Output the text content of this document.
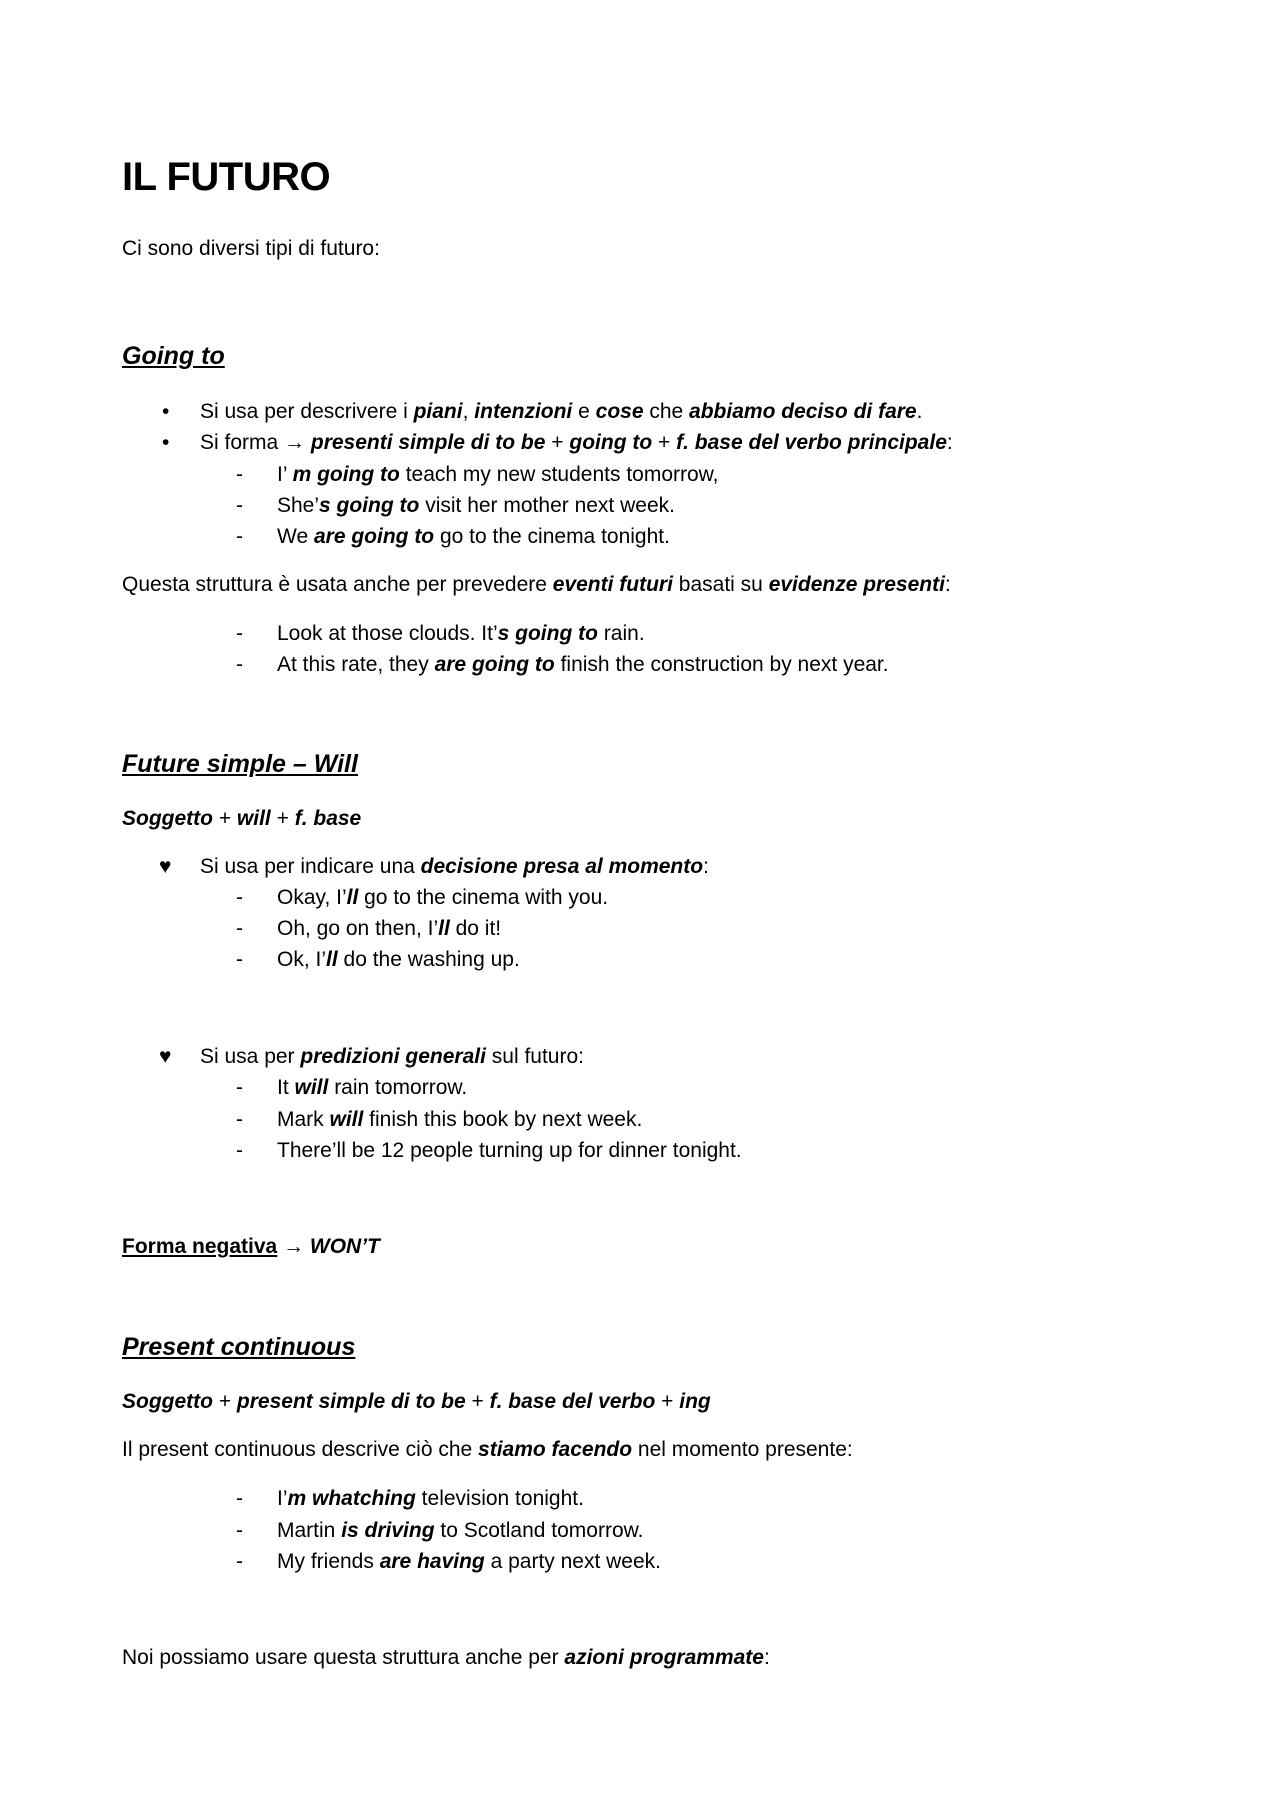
IL FUTURO
Ci sono diversi tipi di futuro:
Going to
• Si usa per descrivere i piani, intenzioni e cose che abbiamo deciso di fare.
• Si forma → presenti simple di to be + going to + f. base del verbo principale:
- I’ m going to teach my new students tomorrow,
- She’s going to visit her mother next week.
- We are going to go to the cinema tonight.
Questa struttura è usata anche per prevedere eventi futuri basati su evidenze presenti:
- Look at those clouds. It’s going to rain.
- At this rate, they are going to finish the construction by next year.
Future simple – Will
Soggetto + will + f. base
♥ Si usa per indicare una decisione presa al momento:
- Okay, I’ll go to the cinema with you.
- Oh, go on then, I’ll do it!
- Ok, I’ll do the washing up.
♥ Si usa per predizioni generali sul futuro:
- It will rain tomorrow.
- Mark will finish this book by next week.
- There’ll be 12 people turning up for dinner tonight.
Forma negativa → WON’T
Present continuous
Soggetto + present simple di to be + f. base del verbo + ing
Il present continuous descrive ciò che stiamo facendo nel momento presente:
- I’m whatching television tonight.
- Martin is driving to Scotland tomorrow.
- My friends are having a party next week.
Noi possiamo usare questa struttura anche per azioni programmate:
